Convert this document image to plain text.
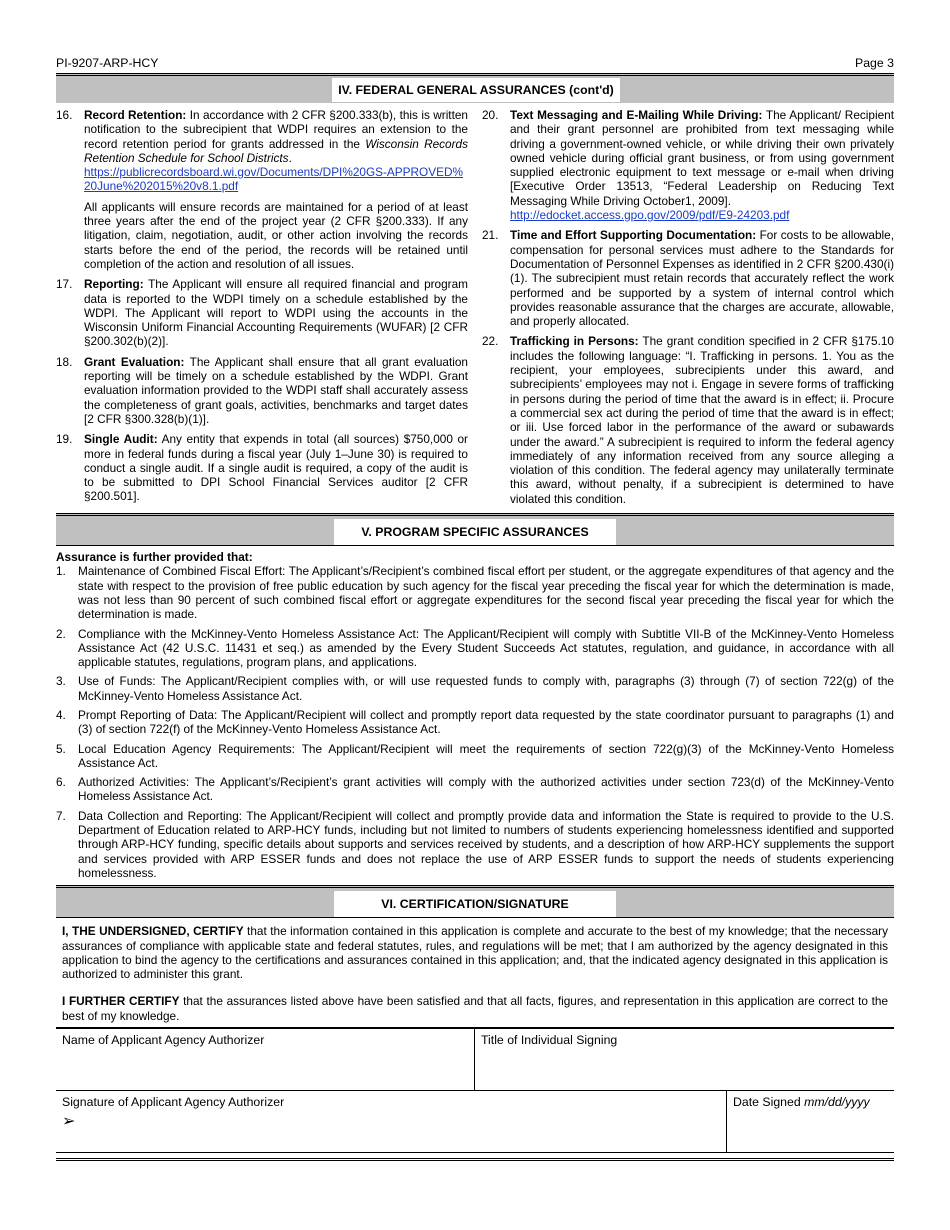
PI-9207-ARP-HCY	Page 3
IV. FEDERAL GENERAL ASSURANCES (cont'd)
16. Record Retention: In accordance with 2 CFR §200.333(b), this is written notification to the subrecipient that WDPI requires an extension to the record retention period for grants addressed in the Wisconsin Records Retention Schedule for School Districts.
https://publicrecordsboard.wi.gov/Documents/DPI%20GS-APPROVED%20June%202015%20v8.1.pdf

All applicants will ensure records are maintained for a period of at least three years after the end of the project year (2 CFR §200.333). If any litigation, claim, negotiation, audit, or other action involving the records starts before the end of the period, the records will be retained until completion of the action and resolution of all issues.

17. Reporting: The Applicant will ensure all required financial and program data is reported to the WDPI timely on a schedule established by the WDPI. The Applicant will report to WDPI using the accounts in the Wisconsin Uniform Financial Accounting Requirements (WUFAR) [2 CFR §200.302(b)(2)].

18. Grant Evaluation: The Applicant shall ensure that all grant evaluation reporting will be timely on a schedule established by the WDPI. Grant evaluation information provided to the WDPI staff shall accurately assess the completeness of grant goals, activities, benchmarks and target dates [2 CFR §300.328(b)(1)].

19. Single Audit: Any entity that expends in total (all sources) $750,000 or more in federal funds during a fiscal year (July 1–June 30) is required to conduct a single audit. If a single audit is required, a copy of the audit is to be submitted to DPI School Financial Services auditor [2 CFR §200.501].

20. Text Messaging and E-Mailing While Driving: The Applicant/ Recipient and their grant personnel are prohibited from text messaging while driving a government-owned vehicle, or while driving their own privately owned vehicle during official grant business, or from using government supplied electronic equipment to text message or e-mail when driving [Executive Order 13513, “Federal Leadership on Reducing Text Messaging While Driving October1, 2009].
http://edocket.access.gpo.gov/2009/pdf/E9-24203.pdf

21. Time and Effort Supporting Documentation: For costs to be allowable, compensation for personal services must adhere to the Standards for Documentation of Personnel Expenses as identified in 2 CFR §200.430(i)(1). The subrecipient must retain records that accurately reflect the work performed and be supported by a system of internal control which provides reasonable assurance that the charges are accurate, allowable, and properly allocated.

22. Trafficking in Persons: The grant condition specified in 2 CFR §175.10 includes the following language: “I. Trafficking in persons. 1. You as the recipient, your employees, subrecipients under this award, and subrecipients’ employees may not i. Engage in severe forms of trafficking in persons during the period of time that the award is in effect; ii. Procure a commercial sex act during the period of time that the award is in effect; or iii. Use forced labor in the performance of the award or subawards under the award.” A subrecipient is required to inform the federal agency immediately of any information received from any source alleging a violation of this condition. The federal agency may unilaterally terminate this award, without penalty, if a subrecipient is determined to have violated this condition.

V. PROGRAM SPECIFIC ASSURANCES
Assurance is further provided that:
1.	Maintenance of Combined Fiscal Effort: The Applicant’s/Recipient’s combined fiscal effort per student, or the aggregate expenditures of that agency and the state with respect to the provision of free public education by such agency for the fiscal year preceding the fiscal year for which the determination is made, was not less than 90 percent of such combined fiscal effort or aggregate expenditures for the second fiscal year preceding the fiscal year for which the determination is made.
2.	Compliance with the McKinney-Vento Homeless Assistance Act: The Applicant/Recipient will comply with Subtitle VII-B of the McKinney-Vento Homeless Assistance Act (42 U.S.C. 11431 et seq.) as amended by the Every Student Succeeds Act statutes, regulation, and guidance, in accordance with all applicable statutes, regulations, program plans, and applications.
3.	Use of Funds: The Applicant/Recipient complies with, or will use requested funds to comply with, paragraphs (3) through (7) of section 722(g) of the McKinney-Vento Homeless Assistance Act.
4.	Prompt Reporting of Data: The Applicant/Recipient will collect and promptly report data requested by the state coordinator pursuant to paragraphs (1) and (3) of section 722(f) of the McKinney-Vento Homeless Assistance Act.
5.	Local Education Agency Requirements: The Applicant/Recipient will meet the requirements of section 722(g)(3) of the McKinney-Vento Homeless Assistance Act.
6.	Authorized Activities: The Applicant’s/Recipient’s grant activities will comply with the authorized activities under section 723(d) of the McKinney-Vento Homeless Assistance Act.
7.	Data Collection and Reporting: The Applicant/Recipient will collect and promptly provide data and information the State is required to provide to the U.S. Department of Education related to ARP-HCY funds, including but not limited to numbers of students experiencing homelessness identified and supported through ARP-HCY funding, specific details about supports and services received by students, and a description of how ARP-HCY supplements the support and services provided with ARP ESSER funds and does not replace the use of ARP ESSER funds to support the needs of students experiencing homelessness.
VI. CERTIFICATION/SIGNATURE

I, THE UNDERSIGNED, CERTIFY that the information contained in this application is complete and accurate to the best of my knowledge; that the necessary assurances of compliance with applicable state and federal statutes, rules, and regulations will be met; that I am authorized by the agency designated in this application to bind the agency to the certifications and assurances contained in this application; and, that the indicated agency designated in this application is authorized to administer this grant.

I FURTHER CERTIFY that the assurances listed above have been satisfied and that all facts, figures, and representation in this application are correct to the best of my knowledge.

Name of Applicant Agency Authorizer	Title of Individual Signing
Signature of Applicant Agency Authorizer
➢
Date Signed mm/dd/yyyy
